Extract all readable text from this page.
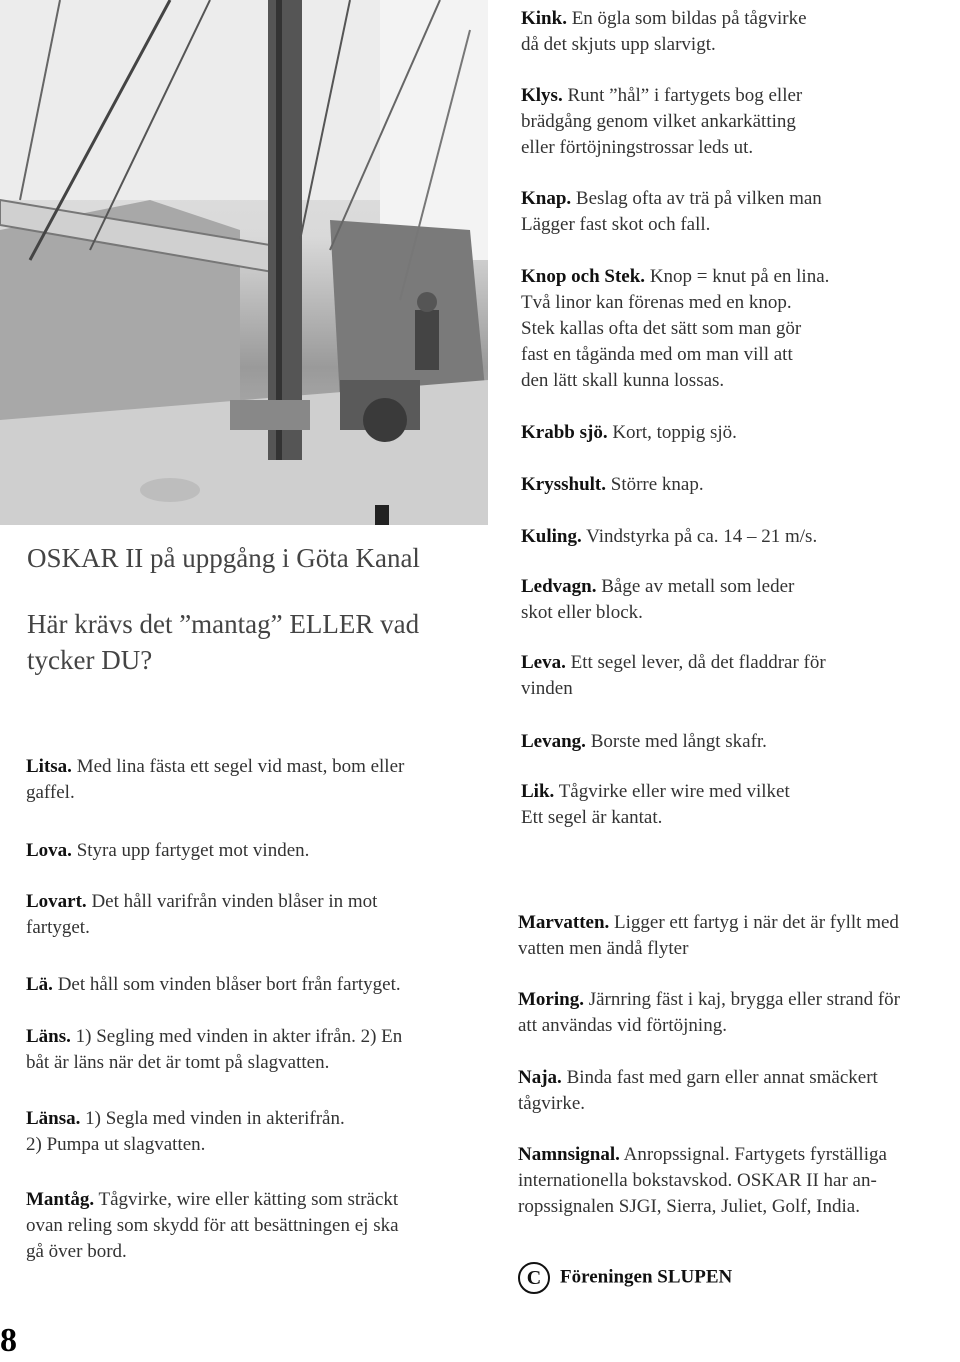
OSKAR II på uppgång i Göta Kanal
Här krävs det ”mantag” ELLER vad
tycker DU?
Kink. En ögla som bildas på tågvirke
då det skjuts upp slarvigt.
Klys. Runt ”hål” i fartygets bog eller
brädgång genom vilket ankarkätting
eller förtöjningstrossar leds ut.
Knap. Beslag ofta av trä på vilken man
Lägger fast skot och fall.
Knop och Stek. Knop = knut på en lina.
Två linor kan förenas med en knop.
Stek kallas ofta det sätt som man gör
fast en tågända med om man vill att
den lätt skall kunna lossas.
Krabb sjö. Kort, toppig sjö.
Krysshult. Större knap.
Kuling. Vindstyrka på ca. 14 – 21 m/s.
Ledvagn. Båge av metall som leder
skot eller block.
Leva. Ett segel lever, då det fladdrar för
vinden
Levang. Borste med långt skafr.
Lik. Tågvirke eller wire med vilket
Ett segel är kantat.
Litsa. Med lina fästa ett segel vid mast, bom eller
gaffel.
Lova. Styra upp fartyget mot vinden.
Lovart. Det håll varifrån vinden blåser in mot
fartyget.
Lä. Det håll som vinden blåser bort från fartyget.
Läns. 1) Segling med vinden in akter ifrån. 2) En
båt är läns när det är tomt på slagvatten.
Länsa. 1) Segla med vinden in akterifrån.
2) Pumpa ut slagvatten.
Mantåg. Tågvirke, wire eller kätting som sträckt
ovan reling som skydd för att besättningen ej ska
gå över bord.
Marvatten. Ligger ett fartyg i när det är fyllt med
vatten men ändå flyter
Moring. Järnring fäst i kaj, brygga eller strand för
att användas vid förtöjning.
Naja. Binda fast med garn eller annat smäckert
tågvirke.
Namnsignal. Anropssignal. Fartygets fyrställiga
internationella bokstavskod. OSKAR II har an-
ropssignalen SJGI, Sierra, Juliet, Golf, India.
C Föreningen SLUPEN
8
